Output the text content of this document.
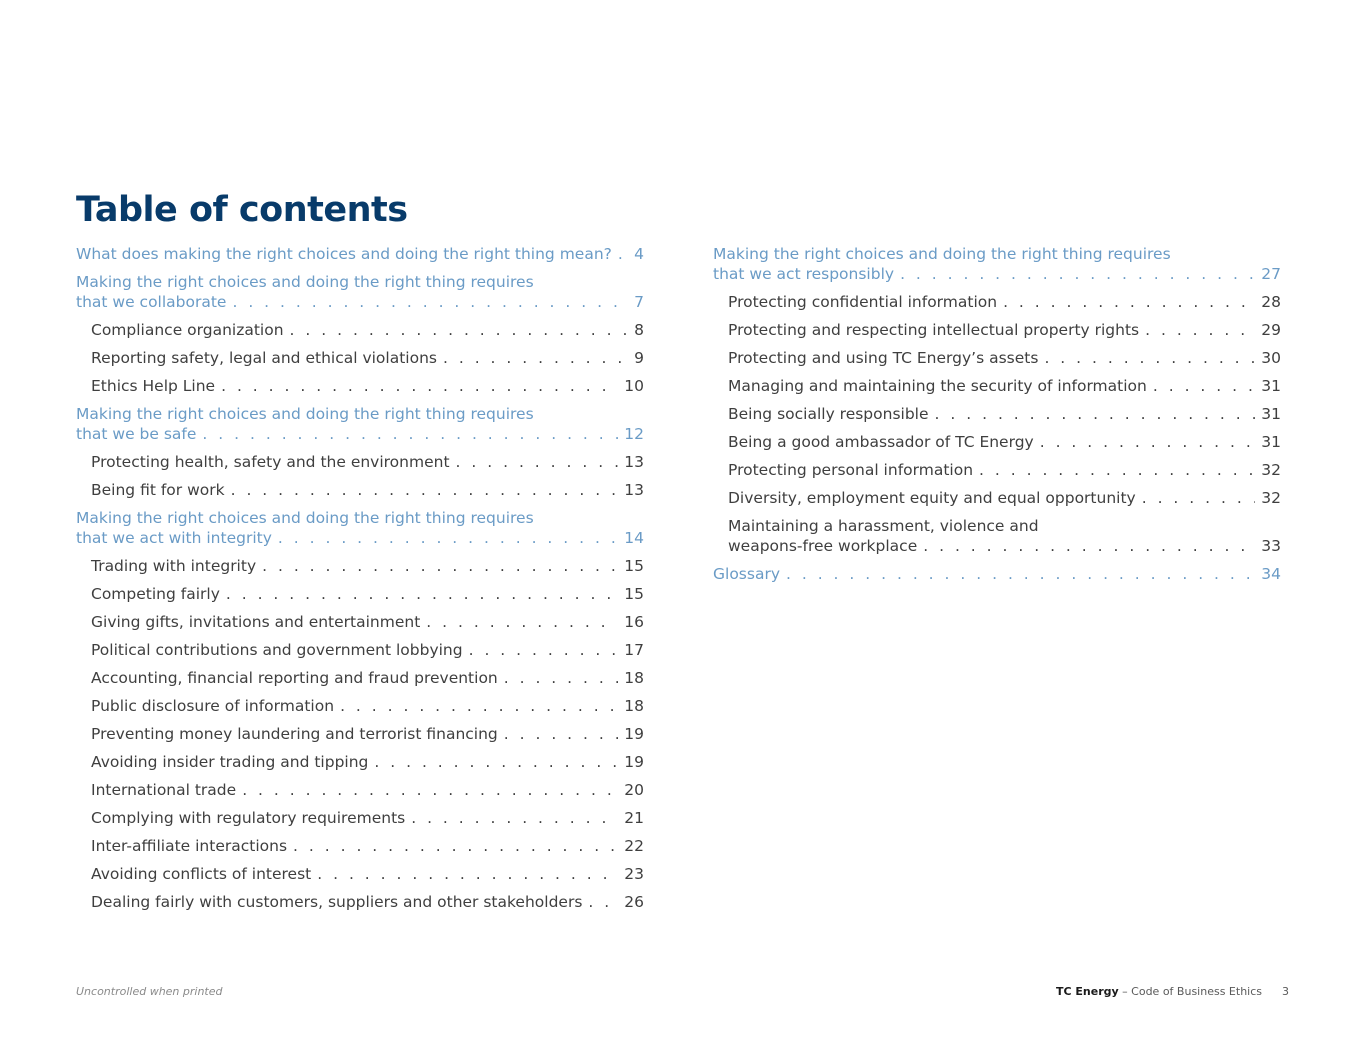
Table of contents
What does making the right choices and doing the right thing mean? . . . 4
Making the right choices and doing the right thing requires
that we collaborate . . .	7
Compliance organization . . .	8
Reporting safety, legal and ethical violations . . .	9
Ethics Help Line . . .	10
Making the right choices and doing the right thing requires
that we be safe . . .	12
Protecting health, safety and the environment . . .	13
Being fit for work . . .	13
Making the right choices and doing the right thing requires
that we act with integrity . . .	14
Trading with integrity . . .	15
Competing fairly . . .	15
Giving gifts, invitations and entertainment . . .	16
Political contributions and government lobbying . . .	17
Accounting, financial reporting and fraud prevention . . .	18
Public disclosure of information . . .	18
Preventing money laundering and terrorist financing . . .	19
Avoiding insider trading and tipping . . .	19
International trade . . .	20
Complying with regulatory requirements . . .	21
Inter-affiliate interactions . . .	22
Avoiding conflicts of interest . . .	23
Dealing fairly with customers, suppliers and other stakeholders . . .	26
Making the right choices and doing the right thing requires
that we act responsibly . . .	27
Protecting confidential information . . .	28
Protecting and respecting intellectual property rights . . .	29
Protecting and using TC Energy’s assets . . .	30
Managing and maintaining the security of information . . .	31
Being socially responsible . . .	31
Being a good ambassador of TC Energy . . .	31
Protecting personal information . . .	32
Diversity, employment equity and equal opportunity . . .	32
Maintaining a harassment, violence and
weapons-free workplace . . .	33
Glossary . . .	34
Uncontrolled when printed	TC Energy – Code of Business Ethics 3
